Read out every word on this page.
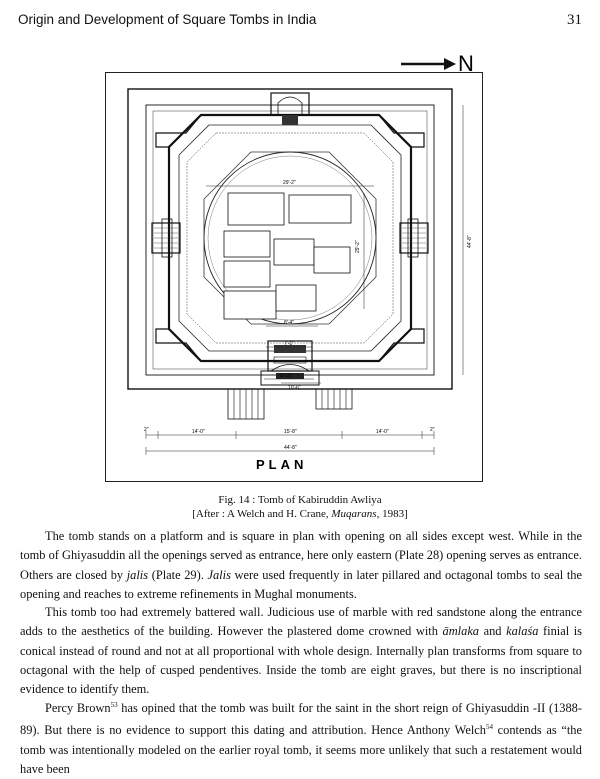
Origin and Development of Square Tombs in India	31
N
29'-2"
29'-2"	44'-8"
8'-4"
7'-1"
9'-10"
10'-6"
2"	14'-0"	15'-8"	14'-0"	2"
44'-8"
PLAN
Fig. 14 : Tomb of Kabiruddin Awliya
[After : A Welch and H. Crane, Muqarans, 1983]

The tomb stands on a platform and is square in plan with opening on all sides except west. While in the tomb of Ghiyasuddin all the openings served as entrance, here only eastern (Plate 28) opening serves as entrance. Others are closed by jalis (Plate 29). Jalis were used frequently in later pillared and octagonal tombs to seal the opening and reaches to extreme refinements in Mughal monuments.

This tomb too had extremely battered wall. Judicious use of marble with red sandstone along the entrance adds to the aesthetics of the building. However the plastered dome crowned with āmlaka and kalaśa finial is conical instead of round and not at all proportional with whole design. Internally plan transforms from square to octagonal with the help of cusped pendentives. Inside the tomb are eight graves, but there is no inscriptional evidence to identify them.

Percy Brown$^{53}$ has opined that the tomb was built for the saint in the short reign of Ghiyasuddin -II (1388-89). But there is no evidence to support this dating and attribution. Hence Anthony Welch$^{54}$ contends as “the tomb was intentionally modeled on the earlier royal tomb, it seems more unlikely that such a restatement would have been
